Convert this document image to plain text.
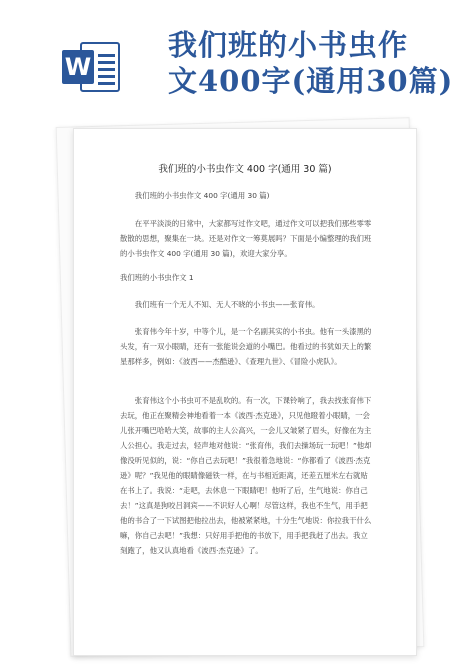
W
我们班的小书虫作
文400字(通用30篇)
我们班的小书虫作文 400 字(通用 30 篇)
我们班的小书虫作文 400 字(通用 30 篇)
在平平淡淡的日常中，大家都写过作文吧，通过作文可以把我们那些零零散散的思想，聚集在一块。还是对作文一筹莫展吗？下面是小编整理的我们班的小书虫作文 400 字(通用 30 篇)，欢迎大家分享。
我们班的小书虫作文 1
我们班有一个无人不知、无人不晓的小书虫——张育伟。
张育伟今年十岁，中等个儿，是一个名副其实的小书虫。他有一头漆黑的头发，有一双小眼睛，还有一张能说会道的小嘴巴。他看过的书犹如天上的繁星那样多，例如：《波西——杰酷逊》、《查理九世》、《冒险小虎队》。
张育伟这个小书虫可不是乱吹的。有一次，下课铃响了，我去找张育伟下去玩，他正在聚精会神地看着一本《波西·杰克逊》，只见他瞪着小眼睛，一会儿张开嘴巴哈哈大笑，故事的主人公高兴，一会儿又皱紧了眉头，好像在为主人公担心。我走过去，轻声地对他说：“张育伟，我们去操场玩一玩吧！”他却像没听见似的，说：“你自己去玩吧！”我很着急地说：“你都看了《波西·杰克逊》呢？”我见他的眼睛像磁铁一样，在与书相近距离，还差五厘米左右就贴在书上了。我说：“走吧，去休息一下眼睛吧！他听了后，生气地说：你自己去！”这真是狗咬吕洞宾——不识好人心啊！尽管这样，我也不生气，用手把他的书合了一下试图把他拉出去，他被紧紧地，十分生气地说：你拉我干什么嘛，你自己去吧！”我想：只好用手把他的书放下，用手把我赶了出去。我立刻跑了，他又认真地看《波西·杰克逊》了。
